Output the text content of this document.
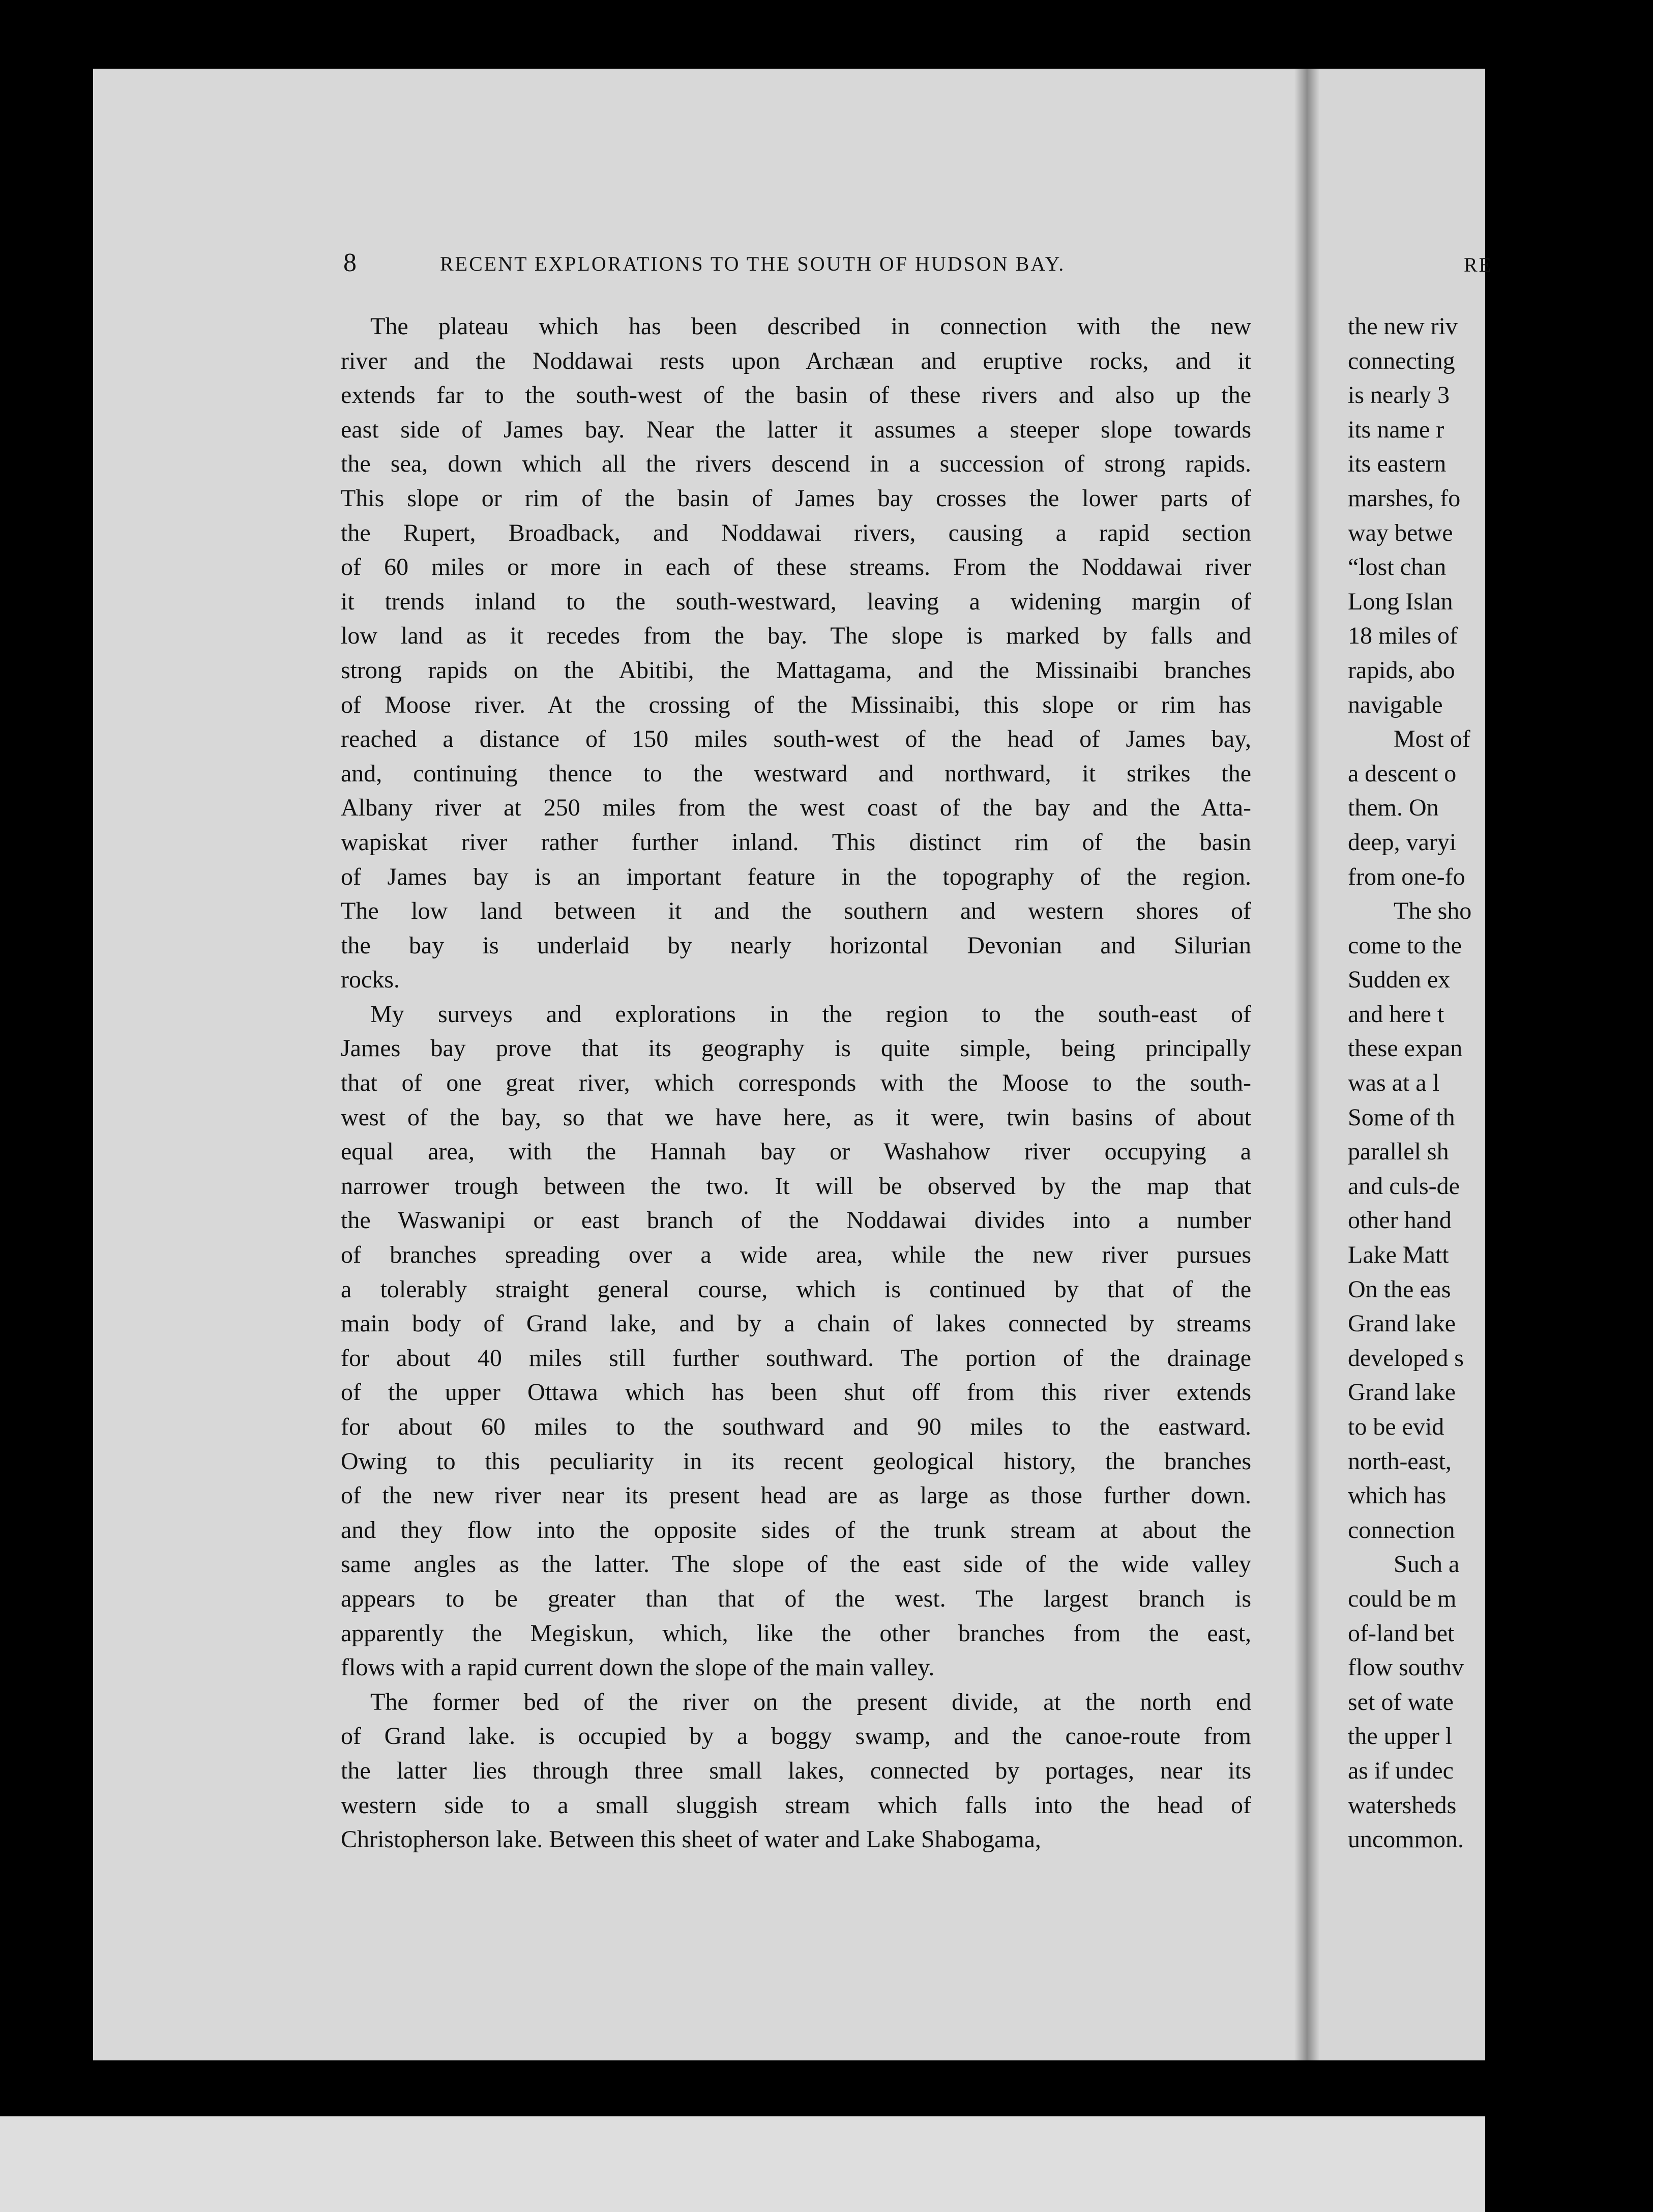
8	RECENT EXPLORATIONS TO THE SOUTH OF HUDSON BAY.	RE
The plateau which has been described in connection with the new
river and the Noddawai rests upon Archæan and eruptive rocks, and it
extends far to the south-west of the basin of these rivers and also up the
east side of James bay. Near the latter it assumes a steeper slope towards
the sea, down which all the rivers descend in a succession of strong rapids.
This slope or rim of the basin of James bay crosses the lower parts of
the Rupert, Broadback, and Noddawai rivers, causing a rapid section
of 60 miles or more in each of these streams. From the Noddawai river
it trends inland to the south-westward, leaving a widening margin of
low land as it recedes from the bay. The slope is marked by falls and
strong rapids on the Abitibi, the Mattagama, and the Missinaibi branches
of Moose river. At the crossing of the Missinaibi, this slope or rim has
reached a distance of 150 miles south-west of the head of James bay,
and, continuing thence to the westward and northward, it strikes the
Albany river at 250 miles from the west coast of the bay and the Atta-
wapiskat river rather further inland. This distinct rim of the basin
of James bay is an important feature in the topography of the region.
The low land between it and the southern and western shores of
the bay is underlaid by nearly horizontal Devonian and Silurian
rocks.
My surveys and explorations in the region to the south-east of
James bay prove that its geography is quite simple, being principally
that of one great river, which corresponds with the Moose to the south-
west of the bay, so that we have here, as it were, twin basins of about
equal area, with the Hannah bay or Washahow river occupying a
narrower trough between the two. It will be observed by the map that
the Waswanipi or east branch of the Noddawai divides into a number
of branches spreading over a wide area, while the new river pursues
a tolerably straight general course, which is continued by that of the
main body of Grand lake, and by a chain of lakes connected by streams
for about 40 miles still further southward. The portion of the drainage
of the upper Ottawa which has been shut off from this river extends
for about 60 miles to the southward and 90 miles to the eastward.
Owing to this peculiarity in its recent geological history, the branches
of the new river near its present head are as large as those further down.
and they flow into the opposite sides of the trunk stream at about the
same angles as the latter. The slope of the east side of the wide valley
appears to be greater than that of the west. The largest branch is
apparently the Megiskun, which, like the other branches from the east,
flows with a rapid current down the slope of the main valley.
The former bed of the river on the present divide, at the north end
of Grand lake. is occupied by a boggy swamp, and the canoe-route from
the latter lies through three small lakes, connected by portages, near its
western side to a small sluggish stream which falls into the head of
Christopherson lake. Between this sheet of water and Lake Shabogama,
the new riv
connecting
is nearly 3
its name r
its eastern
marshes, fo
way betwe
“lost chan
Long Islan
18 miles of
rapids, abo
navigable
Most of
a descent o
them. On
deep, varyi
from one-fo
The sho
come to the
Sudden ex
and here t
these expan
was at a l
Some of th
parallel sh
and culs-de
other hand
Lake Matt
On the eas
Grand lake
developed s
Grand lake
to be evid
north-east,
which has
connection
Such a
could be m
of-land bet
flow southv
set of wate
the upper l
as if undec
watersheds
uncommon.
